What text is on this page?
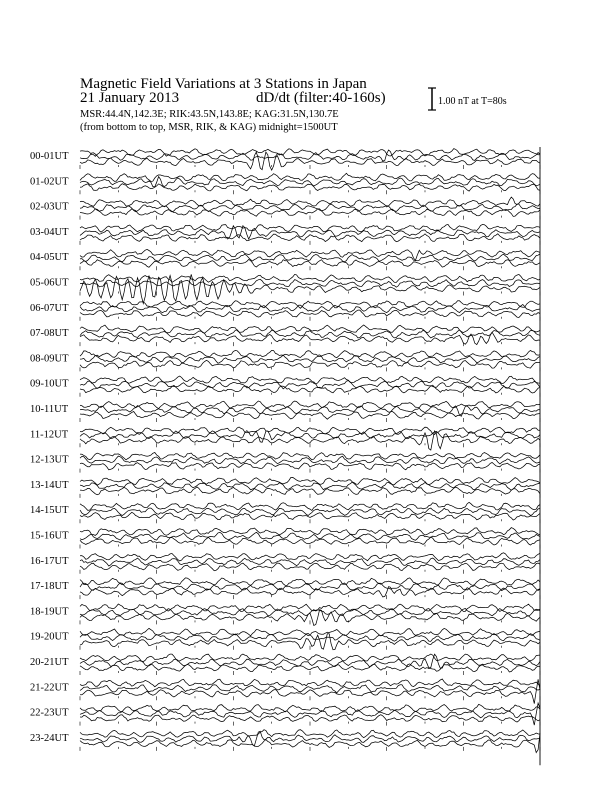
Magnetic Field Variations at 3 Stations in Japan
21 January 2013	dD/dt (filter:40-160s)
MSR:44.4N,142.3E; RIK:43.5N,143.8E; KAG:31.5N,130.7E
(from bottom to top, MSR, RIK, & KAG) midnight=1500UT
1.00 nT at T=80s
00-01UT
01-02UT
02-03UT
03-04UT
04-05UT
05-06UT
06-07UT
07-08UT
08-09UT
09-10UT
10-11UT
11-12UT
12-13UT
13-14UT
14-15UT
15-16UT
16-17UT
17-18UT
18-19UT
19-20UT
20-21UT
21-22UT
22-23UT
23-24UT
